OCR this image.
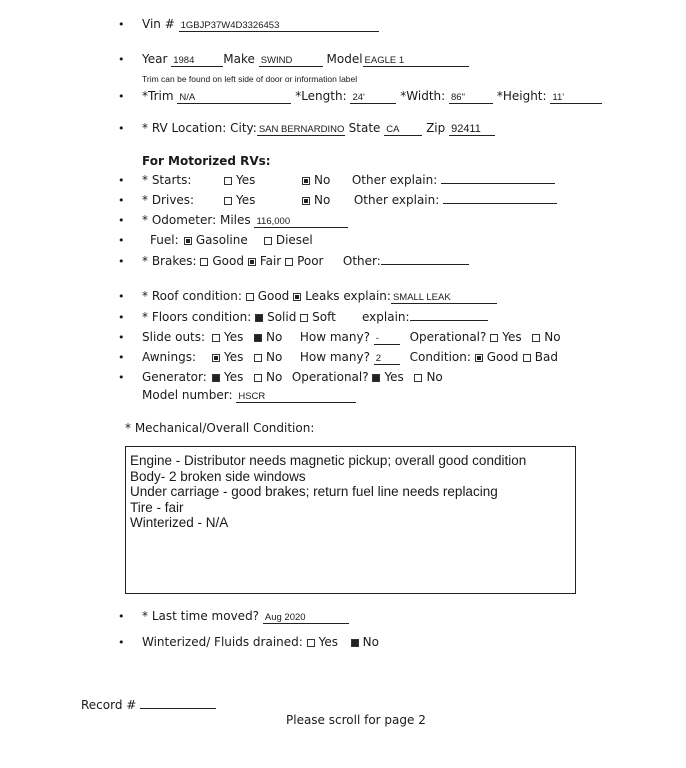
• Vin # 1GBJP37W4D3326453
• Year 1984 Make SWIND	Model EAGLE 1
Trim can be found on left side of door or information label
• *Trim N/A	*Length: 24'	*Width: 86"	*Height: 11'
• * RV Location: City: SAN BERNARDINO State CA Zip 92411
For Motorized RVs:
• * Starts:	Yes	No Other explain:
• * Drives:	Yes	No Other explain:
• * Odometer: Miles 116,000
• Fuel: Gasoline Diesel
• * Brakes: Good Fair Poor Other:
• * Roof condition: Good Leaks explain: SMALL LEAK
• * Floors condition: Solid Soft explain:
• Slide outs: Yes No How many? -	Operational? Yes No
• Awnings: Yes No How many? 2 Condition: Good Bad
• Generator: Yes No Operational? Yes No
Model number: HSCR
* Mechanical/Overall Condition:
Engine - Distributor needs magnetic pickup; overall good condition
Body- 2 broken side windows
Under carriage - good brakes; return fuel line needs replacing
Tire - fair
Winterized - N/A
• * Last time moved? Aug 2020
• Winterized/ Fluids drained: Yes No
Record #
Please scroll for page 2
